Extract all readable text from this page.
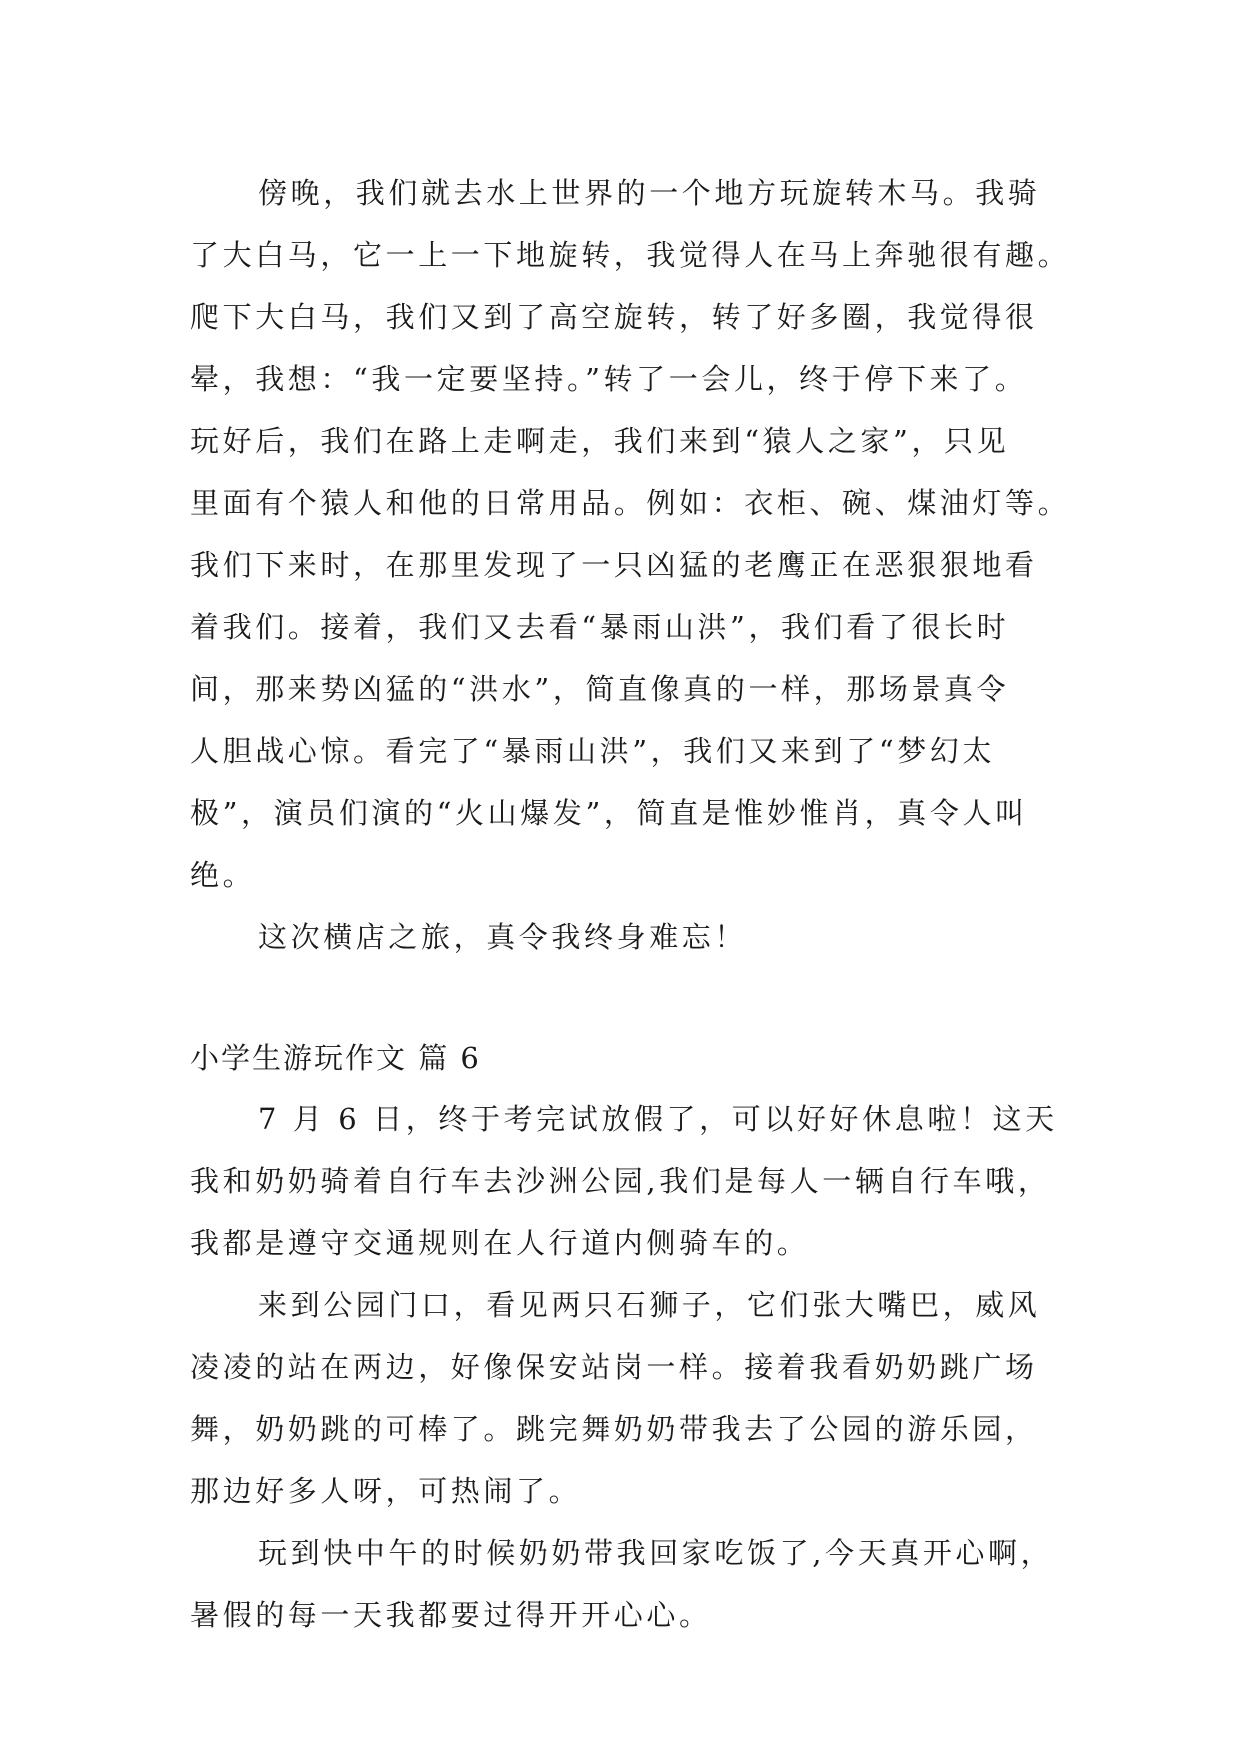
傍晚，我们就去水上世界的一个地方玩旋转木马。我骑
了大白马，它一上一下地旋转，我觉得人在马上奔驰很有趣。
爬下大白马，我们又到了高空旋转，转了好多圈，我觉得很
晕，我想：“我一定要坚持。”转了一会儿，终于停下来了。
玩好后，我们在路上走啊走，我们来到“猿人之家”，只见
里面有个猿人和他的日常用品。例如：衣柜、碗、煤油灯等。
我们下来时，在那里发现了一只凶猛的老鹰正在恶狠狠地看
着我们。接着，我们又去看“暴雨山洪”，我们看了很长时
间，那来势凶猛的“洪水”，简直像真的一样，那场景真令
人胆战心惊。看完了“暴雨山洪”，我们又来到了“梦幻太
极”，演员们演的“火山爆发”，简直是惟妙惟肖，真令人叫
绝。
这次横店之旅，真令我终身难忘！
小学生游玩作文 篇 6
7 月 6 日，终于考完试放假了，可以好好休息啦！这天
我和奶奶骑着自行车去沙洲公园,我们是每人一辆自行车哦，
我都是遵守交通规则在人行道内侧骑车的。
来到公园门口，看见两只石狮子，它们张大嘴巴，威风
凌凌的站在两边，好像保安站岗一样。接着我看奶奶跳广场
舞，奶奶跳的可棒了。跳完舞奶奶带我去了公园的游乐园，
那边好多人呀，可热闹了。
玩到快中午的时候奶奶带我回家吃饭了,今天真开心啊，
暑假的每一天我都要过得开开心心。
